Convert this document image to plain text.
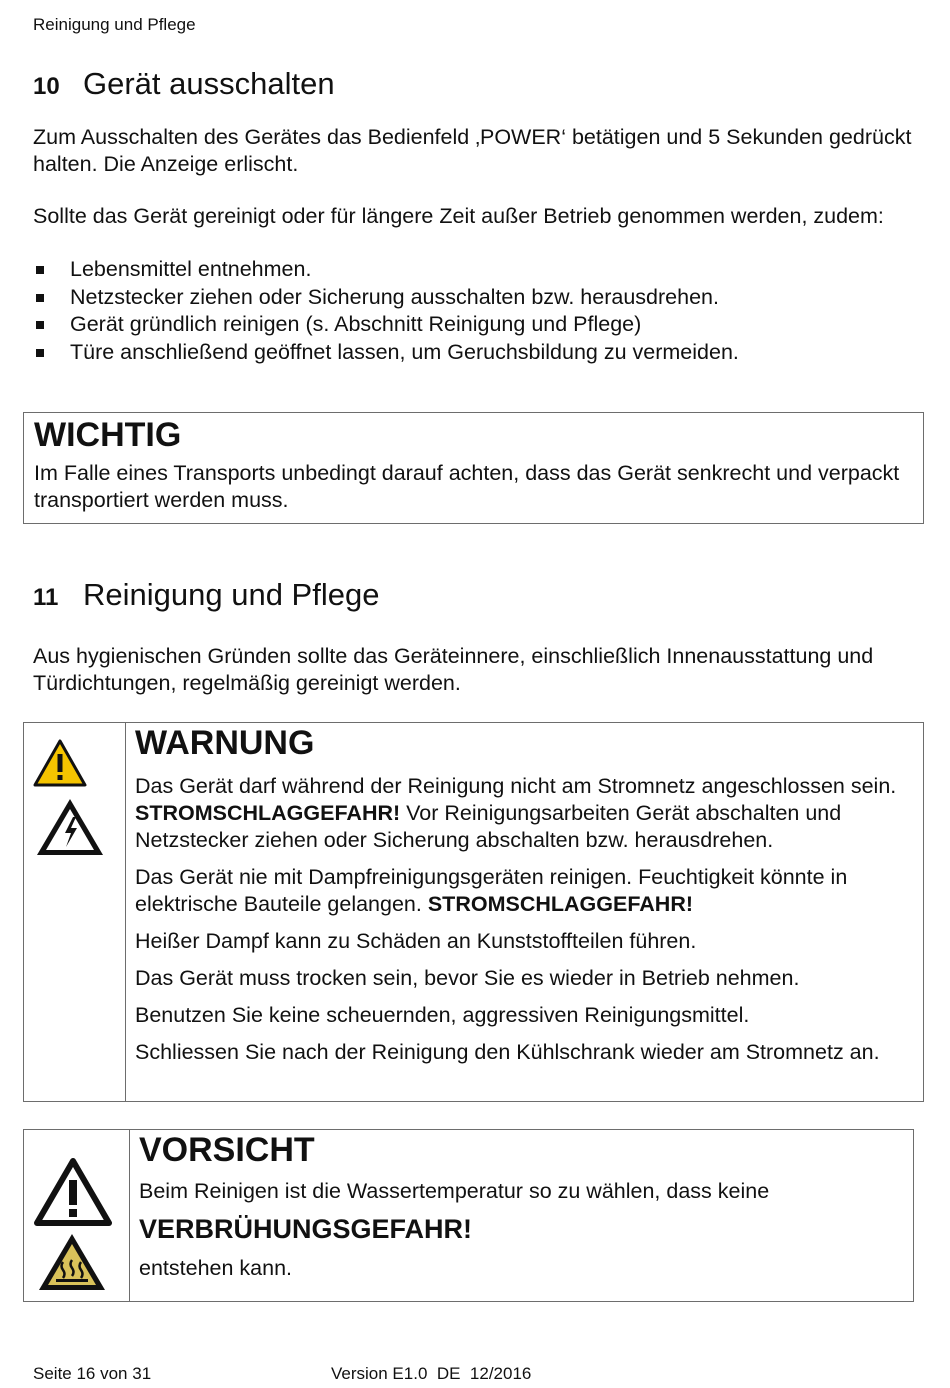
Reinigung und Pflege
10 Gerät ausschalten
Zum Ausschalten des Gerätes das Bedienfeld ‚POWER‘ betätigen und 5 Sekunden gedrückt halten. Die Anzeige erlischt.
Sollte das Gerät gereinigt oder für längere Zeit außer Betrieb genommen werden, zudem:
Lebensmittel entnehmen.
Netzstecker ziehen oder Sicherung ausschalten bzw. herausdrehen.
Gerät gründlich reinigen (s. Abschnitt Reinigung und Pflege)
Türe anschließend geöffnet lassen, um Geruchsbildung zu vermeiden.
WICHTIG
Im Falle eines Transports unbedingt darauf achten, dass das Gerät senkrecht und verpackt transportiert werden muss.
11 Reinigung und Pflege
Aus hygienischen Gründen sollte das Geräteinnere, einschließlich Innenausstattung und Türdichtungen, regelmäßig gereinigt werden.
WARNUNG

Das Gerät darf während der Reinigung nicht am Stromnetz angeschlossen sein. STROMSCHLAGGEFAHR! Vor Reinigungsarbeiten Gerät abschalten und Netzstecker ziehen oder Sicherung abschalten bzw. herausdrehen.

Das Gerät nie mit Dampfreinigungsgeräten reinigen. Feuchtigkeit könnte in elektrische Bauteile gelangen. STROMSCHLAGGEFAHR!

Heißer Dampf kann zu Schäden an Kunststoffteilen führen.

Das Gerät muss trocken sein, bevor Sie es wieder in Betrieb nehmen.

Benutzen Sie keine scheuernden, aggressiven Reinigungsmittel.

Schliessen Sie nach der Reinigung den Kühlschrank wieder am Stromnetz an.

VORSICHT
Beim Reinigen ist die Wassertemperatur so zu wählen, dass keine
VERBRÜHUNGSGEFAHR!
entstehen kann.
Seite 16 von 31	Version E1.0  DE  12/2016
